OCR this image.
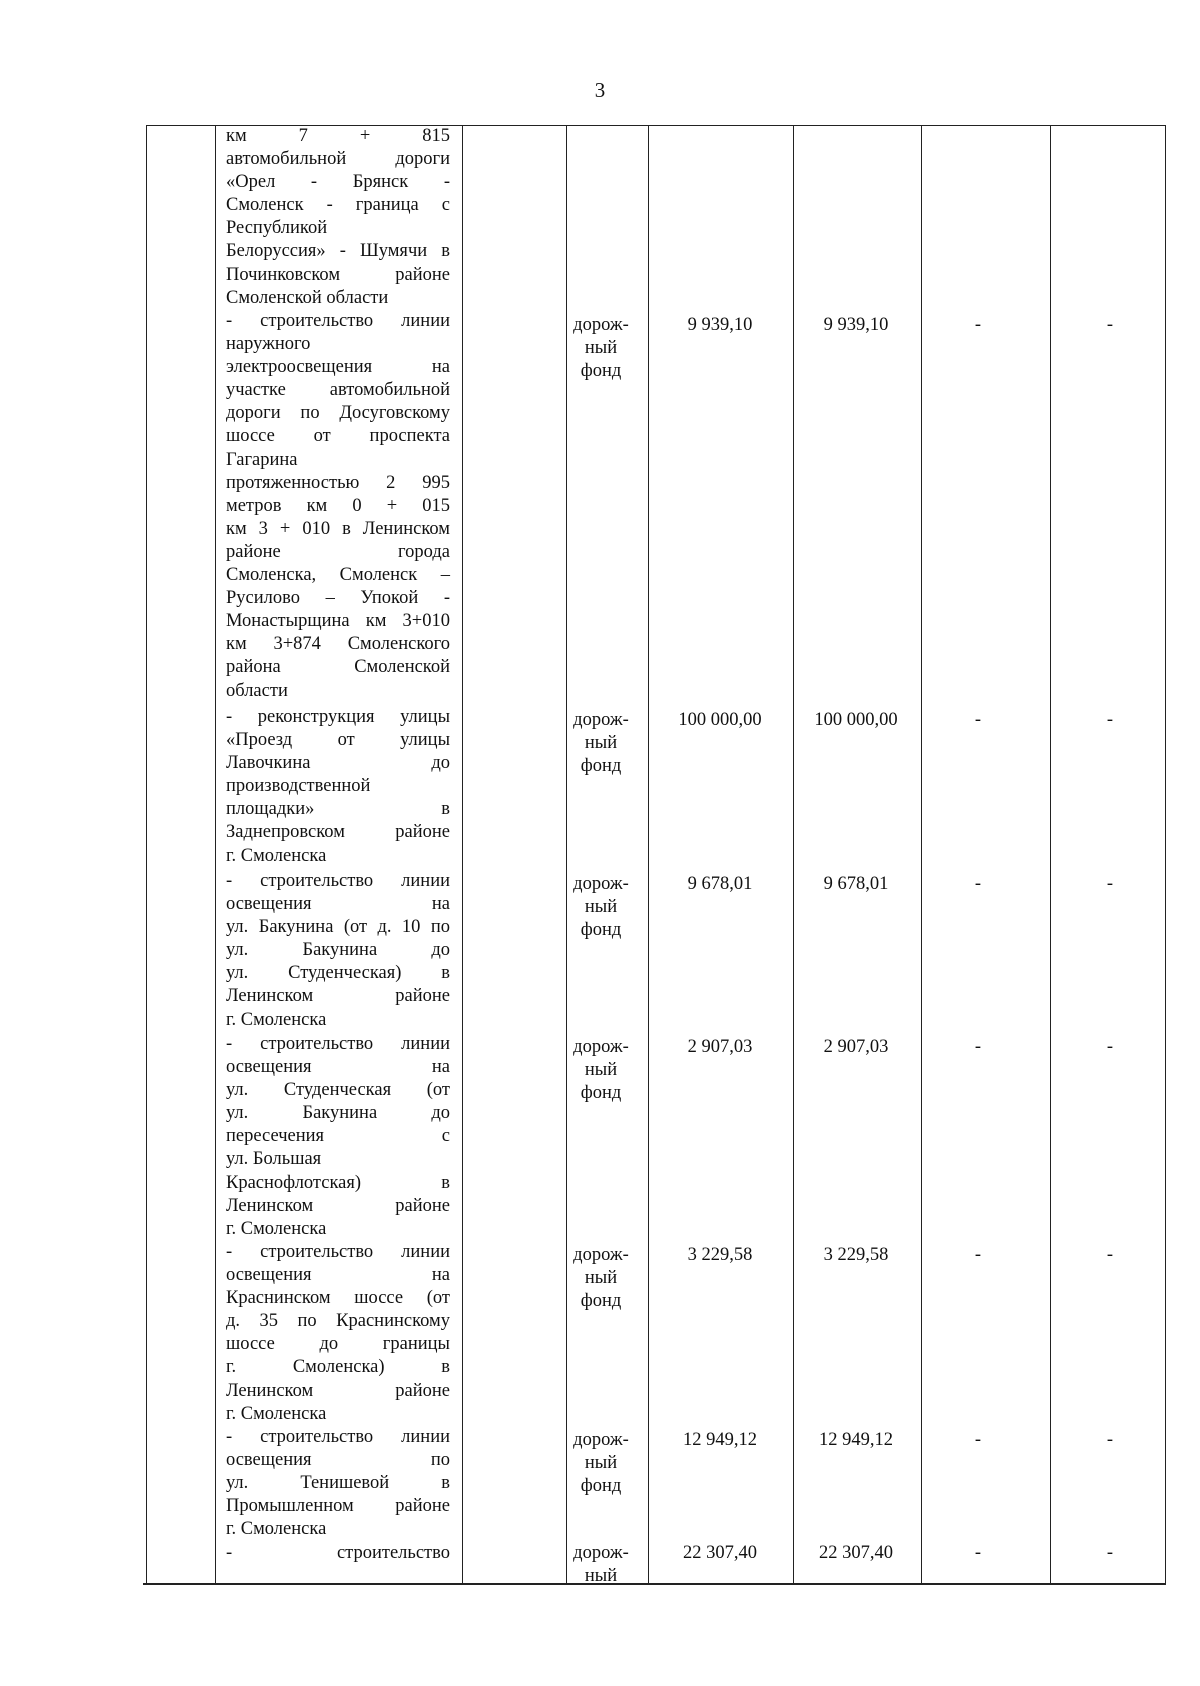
3
км 7 + 815
автомобильной дороги
«Орел - Брянск -
Смоленск - граница с
Республикой
Белоруссия» - Шумячи в
Починковском районе
Смоленской области
- строительство линии
наружного
электроосвещения на
участке автомобильной
дороги по Досуговскому
шоссе от проспекта
Гагарина
протяженностью 2 995
метров км 0 + 015
км 3 + 010 в Ленинском
районе города
Смоленска, Смоленск –
Русилово – Упокой -
Монастырщина км 3+010
км 3+874 Смоленского
района Смоленской
области
дорож-
ный
фонд
9 939,10	9 939,10	-	-
- реконструкция улицы
«Проезд от улицы
Лавочкина до
производственной
площадки» в
Заднепровском районе
г. Смоленска
дорож-
ный
фонд
100 000,00	100 000,00	-	-
- строительство линии
освещения на
ул. Бакунина (от д. 10 по
ул. Бакунина до
ул. Студенческая) в
Ленинском районе
г. Смоленска
дорож-
ный
фонд
9 678,01	9 678,01	-	-
- строительство линии
освещения на
ул. Студенческая (от
ул. Бакунина до
пересечения с
ул. Большая
Краснофлотская) в
Ленинском районе
г. Смоленска
дорож-
ный
фонд
2 907,03	2 907,03	-	-
- строительство линии
освещения на
Краснинском шоссе (от
д. 35 по Краснинскому
шоссе до границы
г. Смоленска) в
Ленинском районе
г. Смоленска
дорож-
ный
фонд
3 229,58	3 229,58	-	-
- строительство линии
освещения по
ул. Тенишевой в
Промышленном районе
г. Смоленска
дорож-
ный
фонд
12 949,12	12 949,12	-	-
- строительство	дорож-
ный
22 307,40	22 307,40	-	-
